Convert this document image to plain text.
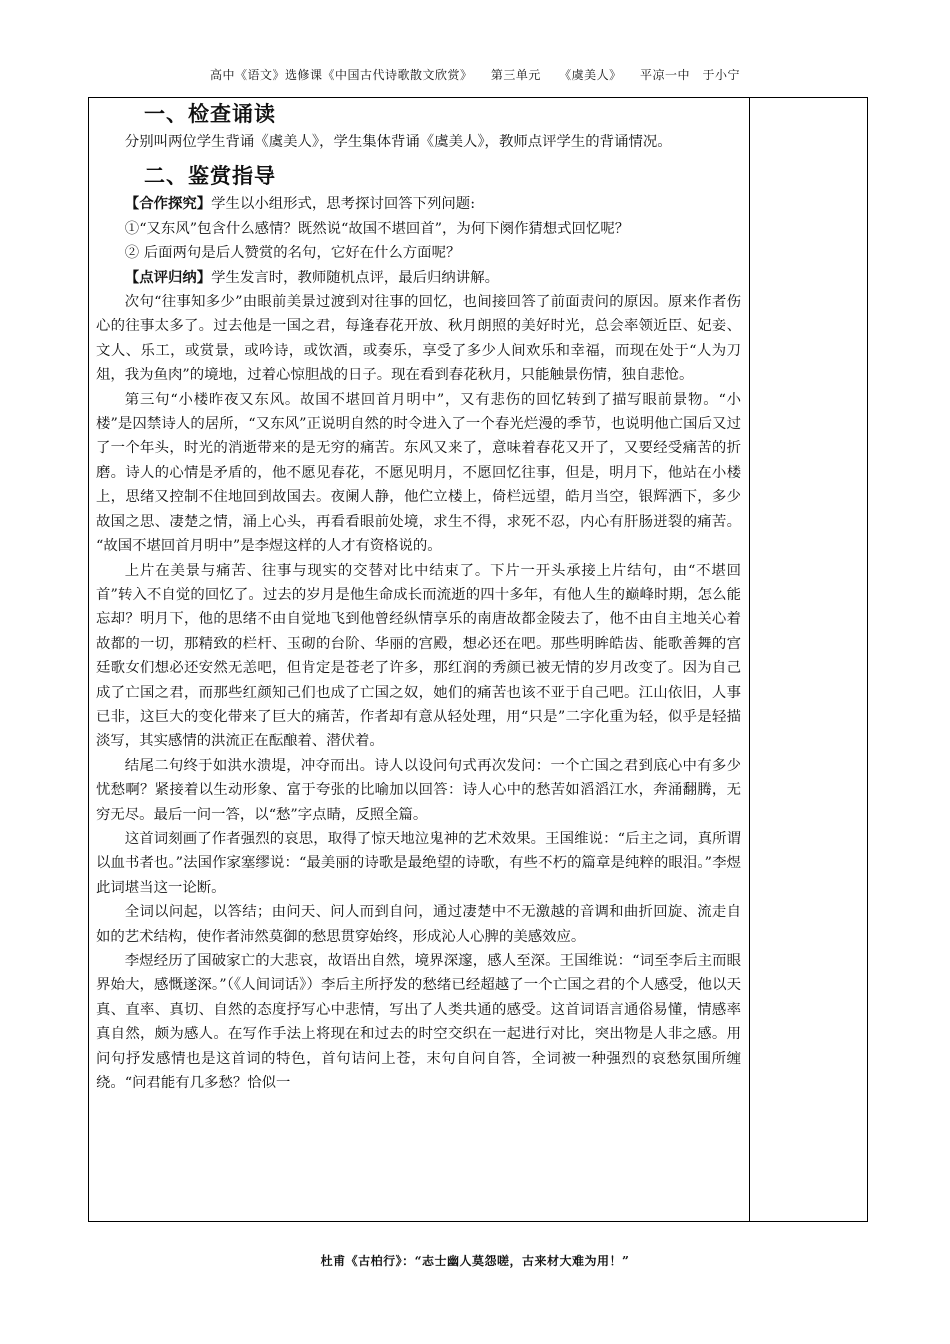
高中《语文》选修课《中国古代诗歌散文欣赏》 第三单元 《虞美人》 平凉一中　于小宁
一、检查诵读

分别叫两位学生背诵《虞美人》，学生集体背诵《虞美人》，教师点评学生的背诵情况。

二、鉴赏指导

【合作探究】学生以小组形式，思考探讨回答下列问题:

①“又东风”包含什么感情？既然说“故国不堪回首”，为何下阕作猜想式回忆呢？

② 后面两句是后人赞赏的名句，它好在什么方面呢？

【点评归纳】学生发言时，教师随机点评，最后归纳讲解。

次句“往事知多少”由眼前美景过渡到对往事的回忆，也间接回答了前面责问的原因。原来作者伤心的往事太多了。过去他是一国之君，每逢春花开放、秋月朗照的美好时光，总会率领近臣、妃妾、文人、乐工，或赏景，或吟诗，或饮酒，或奏乐，享受了多少人间欢乐和幸福，而现在处于“人为刀俎，我为鱼肉”的境地，过着心惊胆战的日子。现在看到春花秋月，只能触景伤情，独自悲怆。

第三句“小楼昨夜又东风。故国不堪回首月明中”，又有悲伤的回忆转到了描写眼前景物。“小楼”是囚禁诗人的居所，“又东风”正说明自然的时令进入了一个春光烂漫的季节，也说明他亡国后又过了一个年头，时光的消逝带来的是无穷的痛苦。东风又来了，意味着春花又开了，又要经受痛苦的折磨。诗人的心情是矛盾的，他不愿见春花，不愿见明月，不愿回忆往事，但是，明月下，他站在小楼上，思绪又控制不住地回到故国去。夜阑人静，他伫立楼上，倚栏远望，皓月当空，银辉洒下，多少故国之思、凄楚之情，涌上心头，再看看眼前处境，求生不得，求死不忍，内心有肝肠迸裂的痛苦。 “故国不堪回首月明中”是李煜这样的人才有资格说的。

上片在美景与痛苦、往事与现实的交替对比中结束了。下片一开头承接上片结句，由“不堪回首”转入不自觉的回忆了。过去的岁月是他生命成长而流逝的四十多年，有他人生的巅峰时期，怎么能忘却？明月下，他的思绪不由自觉地飞到他曾经纵情享乐的南唐故都金陵去了，他不由自主地关心着故都的一切，那精致的栏杆、玉砌的台阶、华丽的宫殿，想必还在吧。那些明眸皓齿、能歌善舞的宫廷歌女们想必还安然无恙吧，但肯定是苍老了许多，那红润的秀颜已被无情的岁月改变了。因为自己成了亡国之君，而那些红颜知己们也成了亡国之奴，她们的痛苦也该不亚于自己吧。江山依旧，人事已非，这巨大的变化带来了巨大的痛苦，作者却有意从轻处理，用“只是”二字化重为轻，似乎是轻描淡写，其实感情的洪流正在酝酿着、潜伏着。

结尾二句终于如洪水溃堤，冲夺而出。诗人以设问句式再次发问：一个亡国之君到底心中有多少忧愁啊？紧接着以生动形象、富于夸张的比喻加以回答：诗人心中的愁苦如滔滔江水，奔涌翻腾，无穷无尽。最后一问一答，以“愁”字点睛，反照全篇。

这首词刻画了作者强烈的哀思，取得了惊天地泣鬼神的艺术效果。王国维说：“后主之词，真所谓以血书者也。”法国作家塞缪说：“最美丽的诗歌是最绝望的诗歌，有些不朽的篇章是纯粹的眼泪。”李煜此词堪当这一论断。

全词以问起，以答结；由问天、问人而到自问，通过凄楚中不无激越的音调和曲折回旋、流走自如的艺术结构，使作者沛然莫御的愁思贯穿始终，形成沁人心脾的美感效应。

李煜经历了国破家亡的大悲哀，故语出自然，境界深邃，感人至深。王国维说：“词至李后主而眼界始大，感慨遂深。”（《人间词话》）李后主所抒发的愁绪已经超越了一个亡国之君的个人感受，他以天真、直率、真切、自然的态度抒写心中悲情，写出了人类共通的感受。这首词语言通俗易懂，情感率真自然，颇为感人。在写作手法上将现在和过去的时空交织在一起进行对比，突出物是人非之感。用问句抒发感情也是这首词的特色，首句诘问上苍，末句自问自答，全词被一种强烈的哀愁氛围所缠绕。“问君能有几多愁？恰似一

杜甫《古柏行》：“志士幽人莫怨嗟，古来材大难为用！”
